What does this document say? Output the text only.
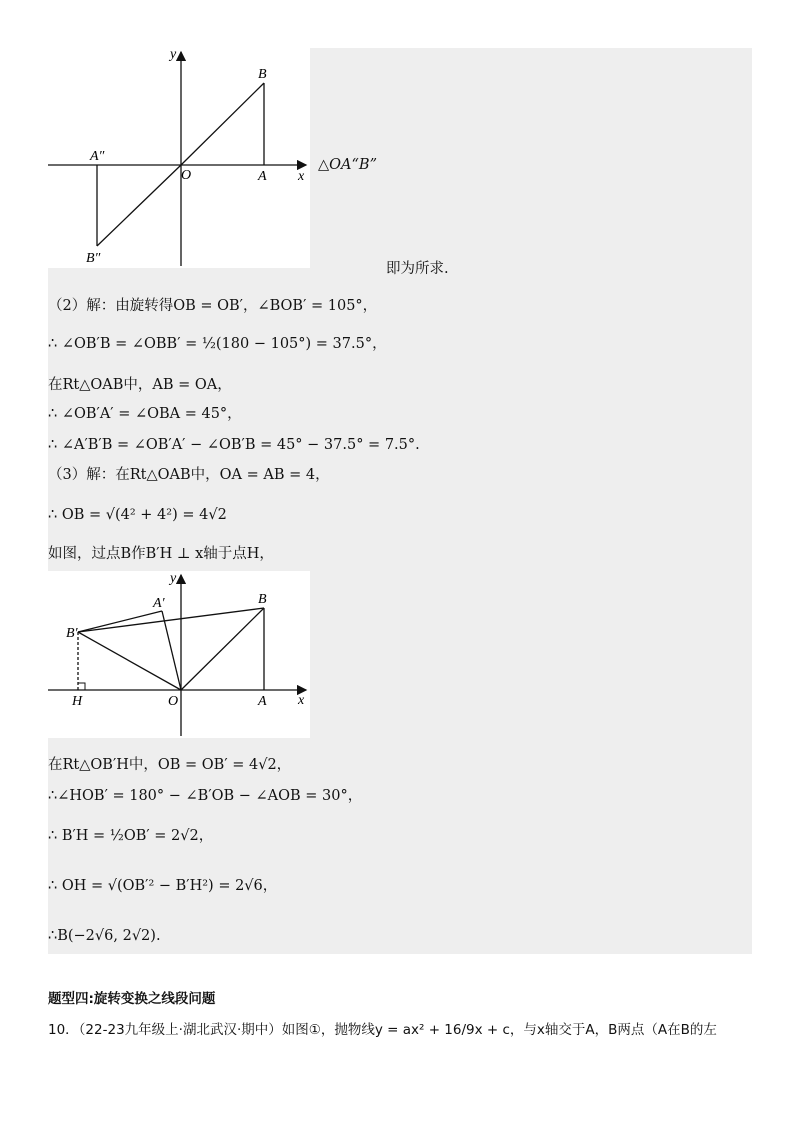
y
x
O	A
B
A″
B″
△OA“B”
即为所求.
（2）解：由旋转得OB = OB′，∠BOB′ = 105°，
∴ ∠OB′B = ∠OBB′ = ½(180 − 105°) = 37.5°，
在Rt△OAB中，AB = OA，
∴ ∠OB′A′ = ∠OBA = 45°，
∴ ∠A′B′B = ∠OB′A′ − ∠OB′B = 45° − 37.5° = 7.5°.
（3）解：在Rt△OAB中，OA = AB = 4，
∴ OB = √(4² + 4²) = 4√2
如图，过点B作B′H ⊥ x轴于点H，
y
x
O	A
B
A′
B′
H
在Rt△OB′H中，OB = OB′ = 4√2，
∴∠HOB′ = 180° − ∠B′OB − ∠AOB = 30°，
∴ B′H = ½OB′ = 2√2，
∴ OH = √(OB′² − B′H²) = 2√6，
∴B(−2√6, 2√2).
题型四:旋转变换之线段问题
10．（22-23九年级上·湖北武汉·期中）如图①，抛物线y = ax² + 16/9x + c，与x轴交于A，B两点（A在B的左
